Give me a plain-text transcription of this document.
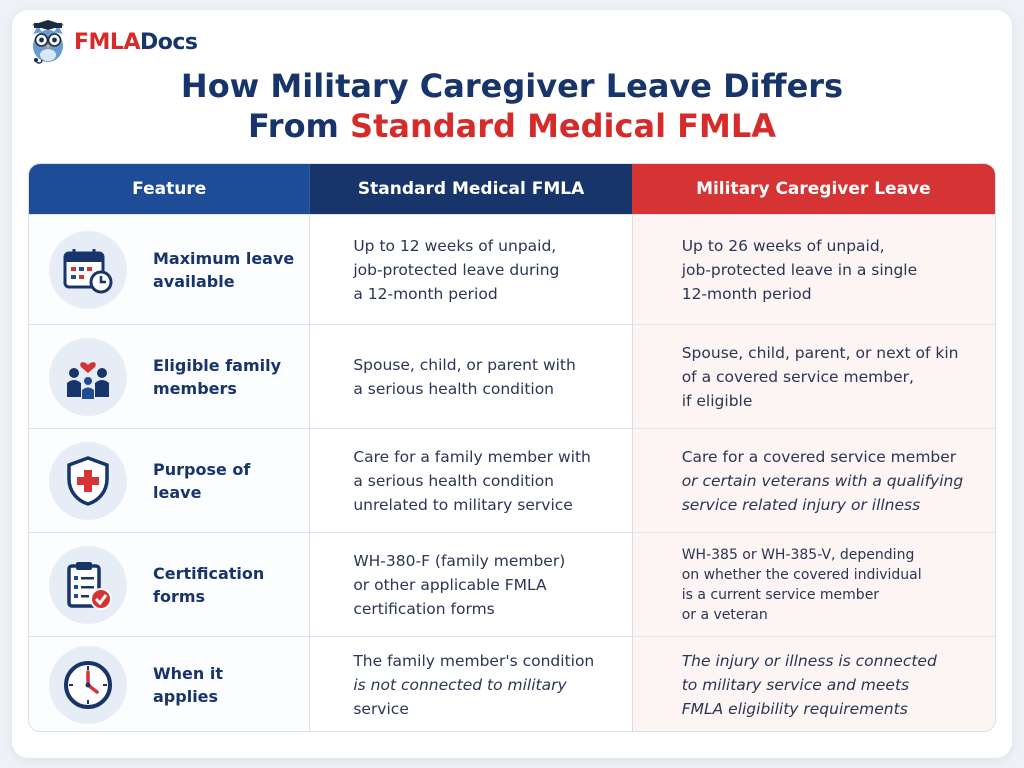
FMLADocs
How Military Caregiver Leave Differs
From Standard Medical FMLA
Feature	Standard Medical FMLA	Military Caregiver Leave
Maximum leave
available
Up to 12 weeks of unpaid,
job-protected leave during
a 12-month period
Up to 26 weeks of unpaid,
job-protected leave in a single
12-month period
Eligible family
members
Spouse, child, or parent with
a serious health condition
Spouse, child, parent, or next of kin
of a covered service member,
if eligible
Purpose of
leave
Care for a family member with
a serious health condition
unrelated to military service
Care for a covered service member
or certain veterans with a qualifying
service related injury or illness
Certification
forms
WH-380-F (family member)
or other applicable FMLA
certification forms
WH-385 or WH-385-V, depending
on whether the covered individual
is a current service member
or a veteran
When it
applies
The family member's condition
is not connected to military
service
The injury or illness is connected
to military service and meets
FMLA eligibility requirements
